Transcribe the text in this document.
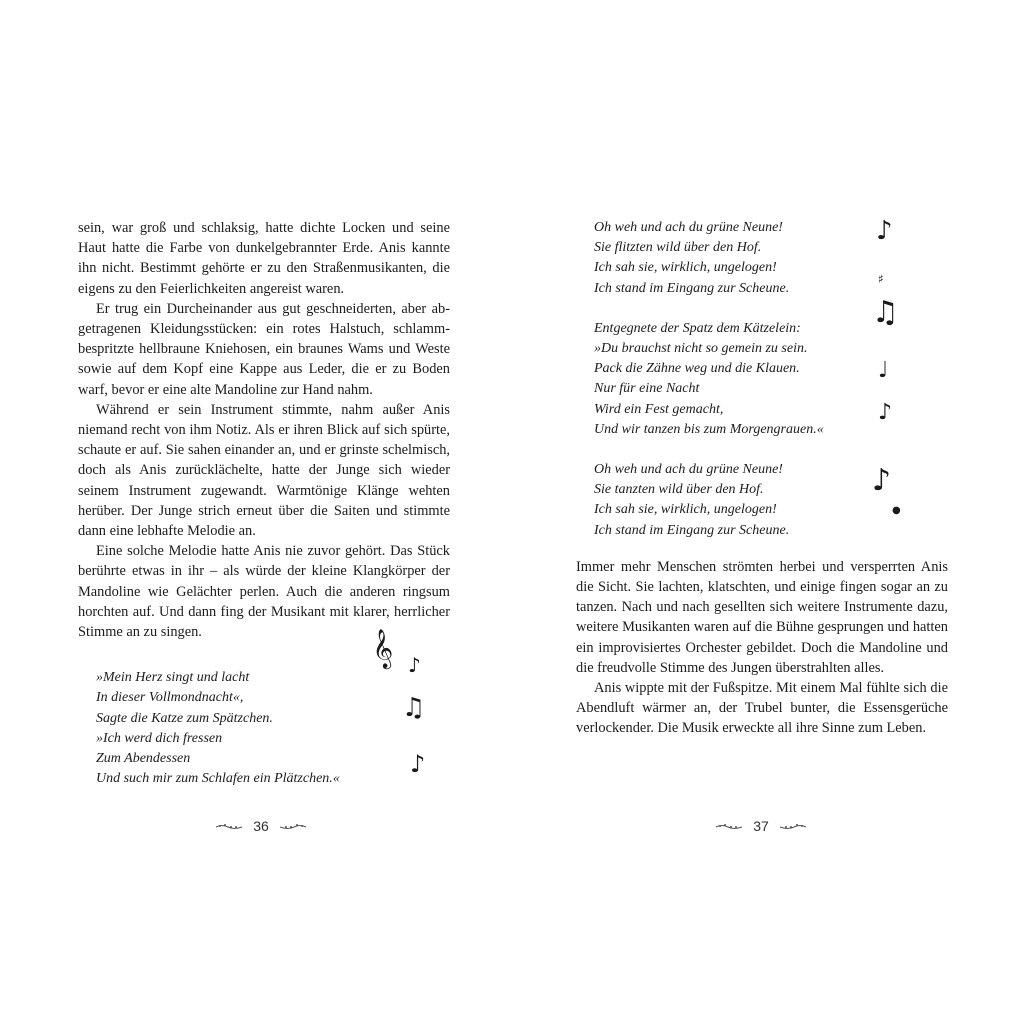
sein, war groß und schlaksig, hatte dichte Locken und seine Haut hatte die Farbe von dunkelgebrannter Erde. Anis kannte ihn nicht. Bestimmt gehörte er zu den Straßenmusikanten, die eigens zu den Feierlichkeiten angereist waren.

Er trug ein Durcheinander aus gut geschneiderten, aber abgetragenen Kleidungsstücken: ein rotes Halstuch, schlammbespritzte hellbraune Kniehosen, ein braunes Wams und Weste sowie auf dem Kopf eine Kappe aus Leder, die er zu Boden warf, bevor er eine alte Mandoline zur Hand nahm.

Während er sein Instrument stimmte, nahm außer Anis niemand recht von ihm Notiz. Als er ihren Blick auf sich spürte, schaute er auf. Sie sahen einander an, und er grinste schelmisch, doch als Anis zurücklächelte, hatte der Junge sich wieder seinem Instrument zugewandt. Warmtönige Klänge wehten herüber. Der Junge strich erneut über die Saiten und stimmte dann eine lebhafte Melodie an.

Eine solche Melodie hatte Anis nie zuvor gehört. Das Stück berührte etwas in ihr – als würde der kleine Klangkörper der Mandoline wie Gelächter perlen. Auch die anderen ringsum horchten auf. Und dann fing der Musikant mit klarer, herrlicher Stimme an zu singen.

»Mein Herz singt und lacht
In dieser Vollmondnacht«,
Sagte die Katze zum Spätzchen.
»Ich werd dich fressen
Zum Abendessen
Und such mir zum Schlafen ein Plätzchen.«
Oh weh und ach du grüne Neune!
Sie flitzten wild über den Hof.
Ich sah sie, wirklich, ungelogen!
Ich stand im Eingang zur Scheune.
Entgegnete der Spatz dem Kätzelein:
»Du brauchst nicht so gemein zu sein.
Pack die Zähne weg und die Klauen.
Nur für eine Nacht
Wird ein Fest gemacht,
Und wir tanzen bis zum Morgengrauen.«
Oh weh und ach du grüne Neune!
Sie tanzten wild über den Hof.
Ich sah sie, wirklich, ungelogen!
Ich stand im Eingang zur Scheune.

Immer mehr Menschen strömten herbei und versperrten Anis die Sicht. Sie lachten, klatschten, und einige fingen sogar an zu tanzen. Nach und nach gesellten sich weitere Instrumente dazu, weitere Musikanten waren auf die Bühne gesprungen und hatten ein improvisiertes Orchester gebildet. Doch die Mandoline und die freudvolle Stimme des Jungen überstrahlten alles.

Anis wippte mit der Fußspitze. Mit einem Mal fühlte sich die Abendluft wärmer an, der Trubel bunter, die Essensgerüche verlockender. Die Musik erweckte all ihre Sinne zum Leben.

𝄞 ♪
♫
♪
♪
♯
♫
♩
♪
♪
●
36	37
